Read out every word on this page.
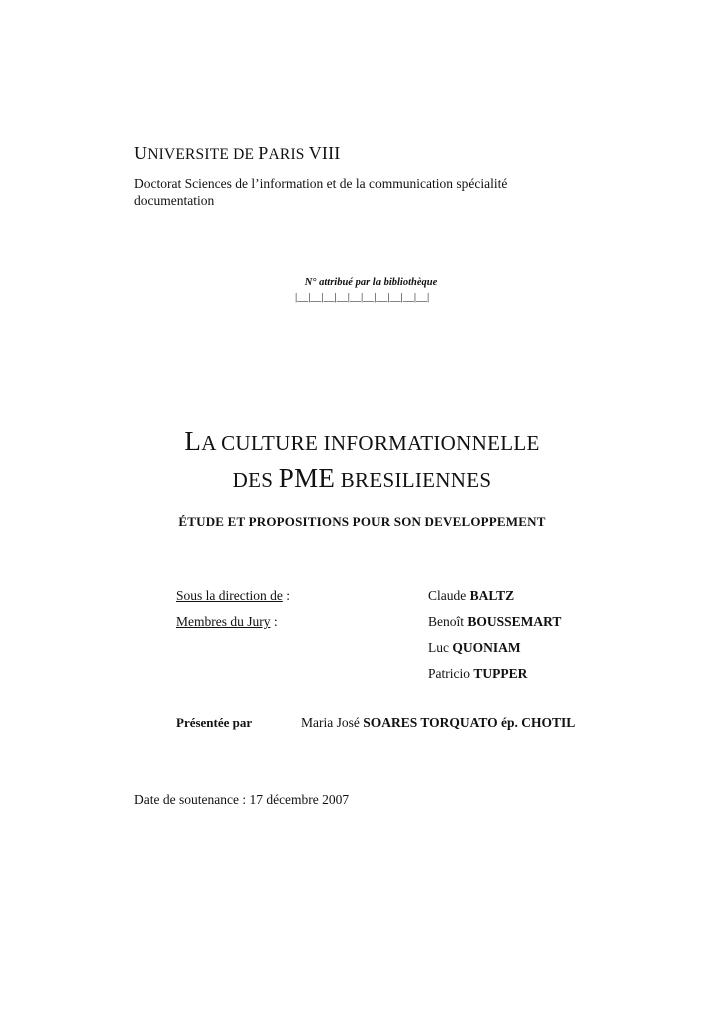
UNIVERSITE DE PARIS VIII
Doctorat Sciences de l’information et de la communication spécialité documentation
N° attribué par la bibliothèque
|__|__|__|__|__|__|__|__|__|__|
LA CULTURE INFORMATIONNELLE
DES PME BRESILIENNES
ÉTUDE ET PROPOSITIONS POUR SON DEVELOPPEMENT
Sous la direction de :	Claude BALTZ
Membres du Jury :	Benoît BOUSSEMART
Luc QUONIAM
Patricio TUPPER
Présentée par	Maria José SOARES TORQUATO ép. CHOTIL
Date de soutenance : 17 décembre 2007
